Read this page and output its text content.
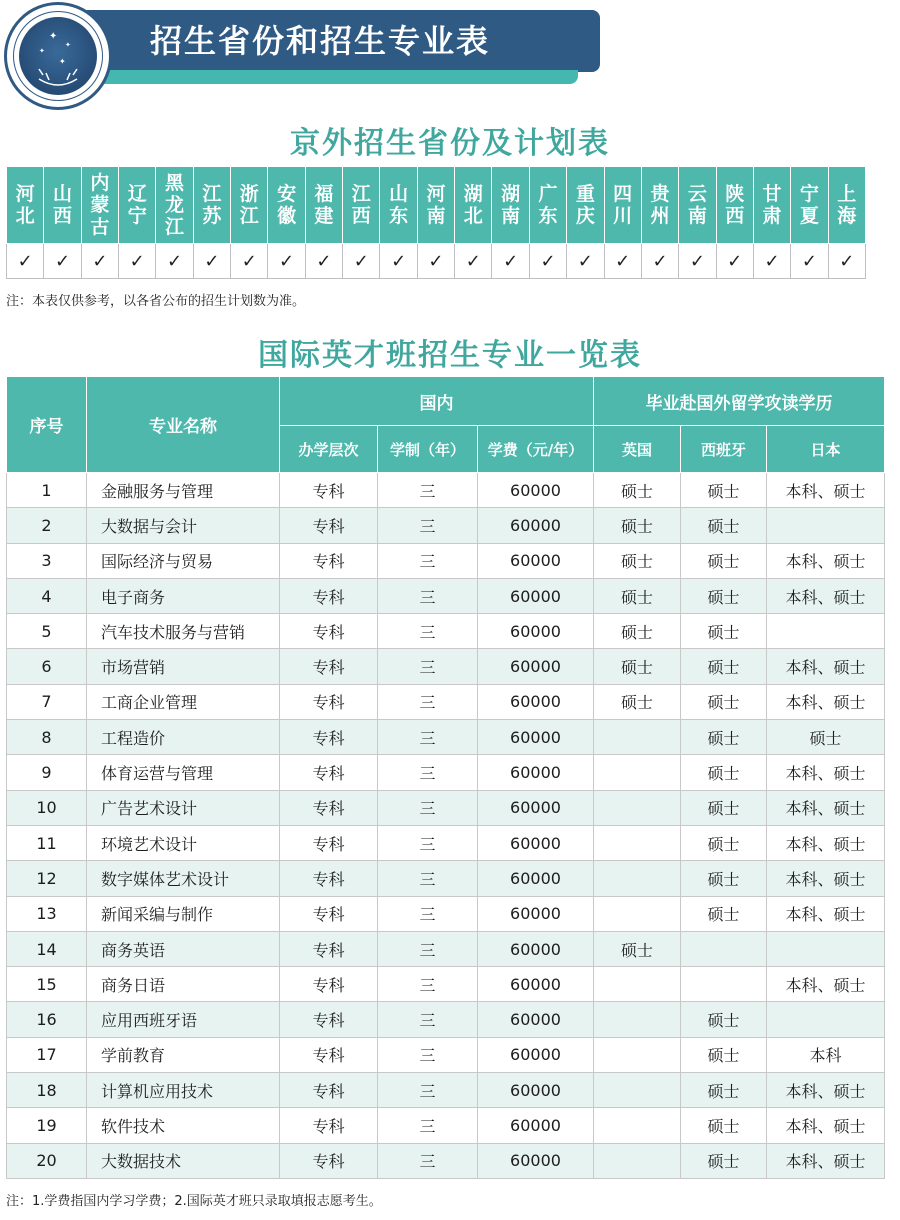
招生省份和招生专业表
✦
✦
✦
✦
京外招生省份及计划表
河北	山西	内蒙古	辽宁	黑龙江	江苏	浙江	安徽	福建	江西	山东	河南	湖北	湖南	广东	重庆	四川	贵州	云南	陕西	甘肃	宁夏	上海
✓	✓	✓	✓	✓	✓	✓	✓	✓	✓	✓	✓	✓	✓	✓	✓	✓	✓	✓	✓	✓	✓	✓
注：本表仅供参考，以各省公布的招生计划数为准。
国际英才班招生专业一览表
序号	专业名称	国内			毕业赴国外留学攻读学历		
		办学层次	学制（年）	学费（元/年）	英国	西班牙	日本
1	金融服务与管理	专科	三	60000	硕士	硕士	本科、硕士
2	大数据与会计	专科	三	60000	硕士	硕士	
3	国际经济与贸易	专科	三	60000	硕士	硕士	本科、硕士
4	电子商务	专科	三	60000	硕士	硕士	本科、硕士
5	汽车技术服务与营销	专科	三	60000	硕士	硕士	
6	市场营销	专科	三	60000	硕士	硕士	本科、硕士
7	工商企业管理	专科	三	60000	硕士	硕士	本科、硕士
8	工程造价	专科	三	60000		硕士	硕士
9	体育运营与管理	专科	三	60000		硕士	本科、硕士
10	广告艺术设计	专科	三	60000		硕士	本科、硕士
11	环境艺术设计	专科	三	60000		硕士	本科、硕士
12	数字媒体艺术设计	专科	三	60000		硕士	本科、硕士
13	新闻采编与制作	专科	三	60000		硕士	本科、硕士
14	商务英语	专科	三	60000	硕士		
15	商务日语	专科	三	60000			本科、硕士
16	应用西班牙语	专科	三	60000		硕士	
17	学前教育	专科	三	60000		硕士	本科
18	计算机应用技术	专科	三	60000		硕士	本科、硕士
19	软件技术	专科	三	60000		硕士	本科、硕士
20	大数据技术	专科	三	60000		硕士	本科、硕士
注：1.学费指国内学习学费；2.国际英才班只录取填报志愿考生。
